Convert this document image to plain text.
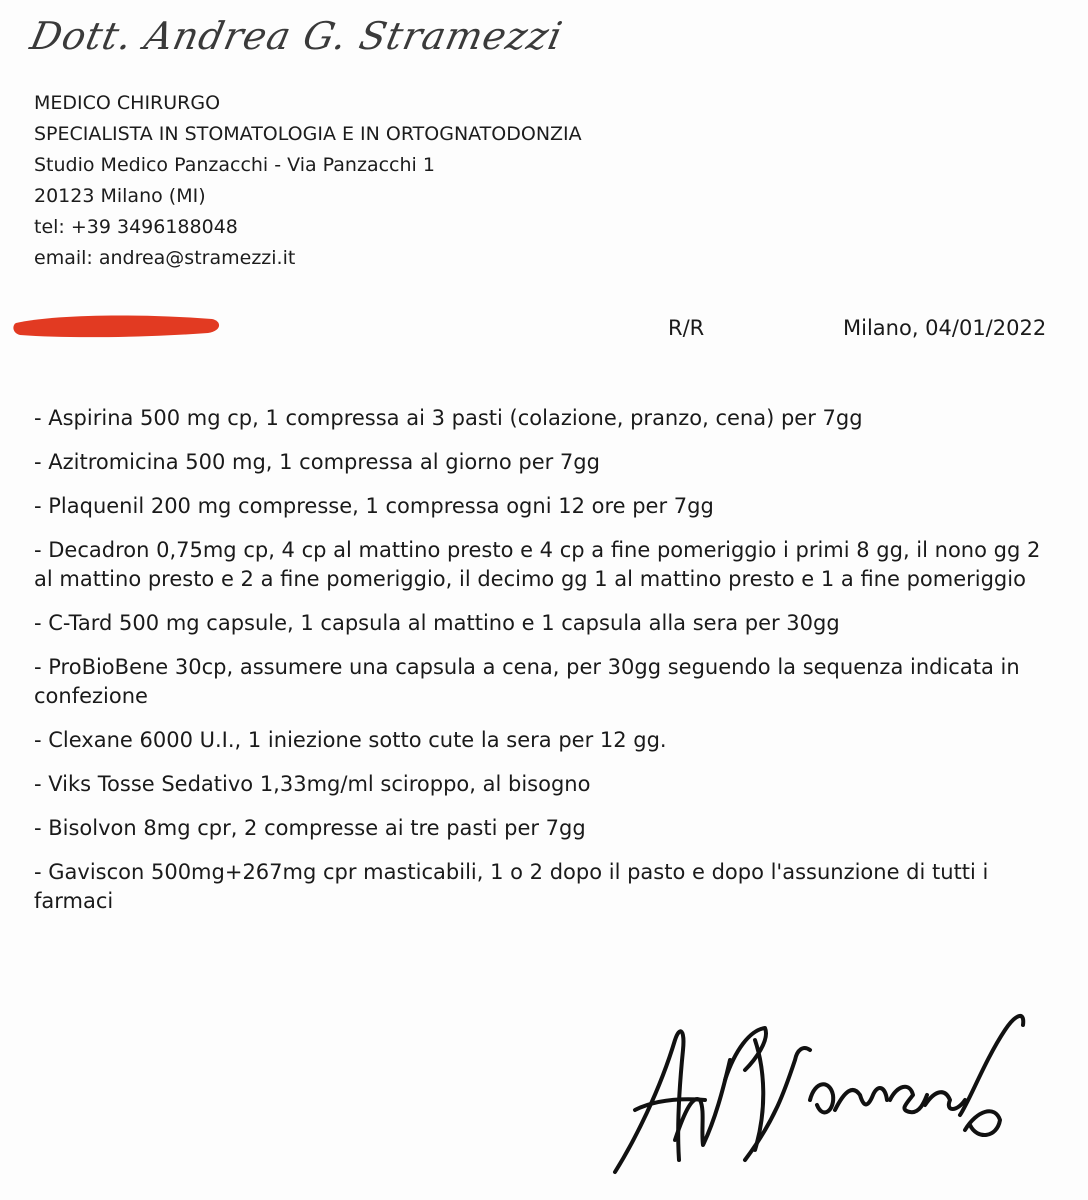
Dott. Andrea G. Stramezzi
MEDICO CHIRURGO
SPECIALISTA IN STOMATOLOGIA E IN ORTOGNATODONZIA
Studio Medico Panzacchi - Via Panzacchi 1
20123 Milano (MI)
tel: +39 3496188048
email: andrea@stramezzi.it
R/R	Milano, 04/01/2022
- Aspirina 500 mg cp, 1 compressa ai 3 pasti (colazione, pranzo, cena) per 7gg
- Azitromicina 500 mg, 1 compressa al giorno per 7gg
- Plaquenil 200 mg compresse, 1 compressa ogni 12 ore per 7gg
- Decadron 0,75mg cp, 4 cp al mattino presto e 4 cp a fine pomeriggio i primi 8 gg, il nono gg 2 al mattino presto e 2 a fine pomeriggio, il decimo gg 1 al mattino presto e 1 a fine pomeriggio
- C-Tard 500 mg capsule, 1 capsula al mattino e 1 capsula alla sera per 30gg
- ProBioBene 30cp, assumere una capsula a cena, per 30gg seguendo la sequenza indicata in confezione
- Clexane 6000 U.I., 1 iniezione sotto cute la sera per 12 gg.
- Viks Tosse Sedativo 1,33mg/ml sciroppo, al bisogno
- Bisolvon 8mg cpr, 2 compresse ai tre pasti per 7gg
- Gaviscon 500mg+267mg cpr masticabili, 1 o 2 dopo il pasto e dopo l'assunzione di tutti i farmaci
